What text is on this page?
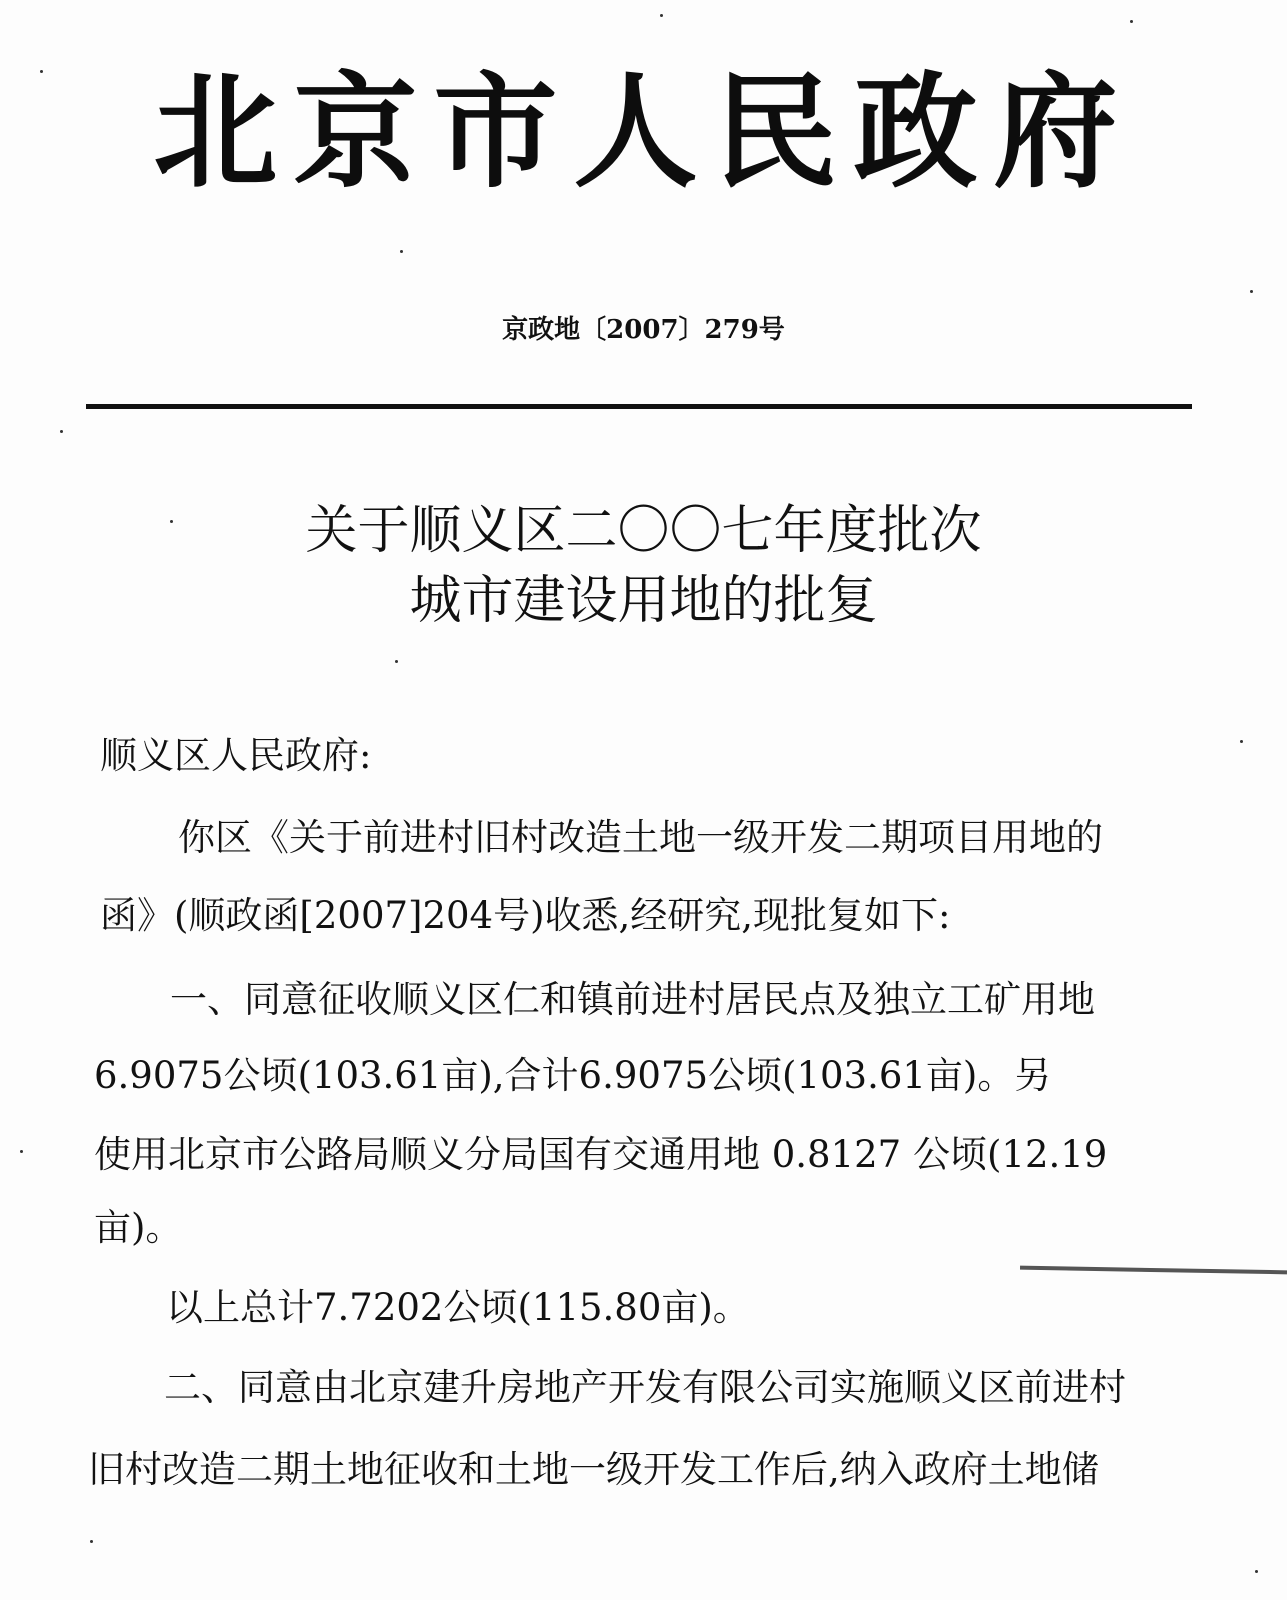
北京市人民政府
京政地〔2007〕279号
关于顺义区二〇〇七年度批次
城市建设用地的批复
顺义区人民政府:
你区《关于前进村旧村改造土地一级开发二期项目用地的
函》(顺政函[2007]204号)收悉,经研究,现批复如下:
一、同意征收顺义区仁和镇前进村居民点及独立工矿用地
6.9075公顷(103.61亩),合计6.9075公顷(103.61亩)。另
使用北京市公路局顺义分局国有交通用地 0.8127 公顷(12.19
亩)。
以上总计7.7202公顷(115.80亩)。
二、同意由北京建升房地产开发有限公司实施顺义区前进村
旧村改造二期土地征收和土地一级开发工作后,纳入政府土地储
